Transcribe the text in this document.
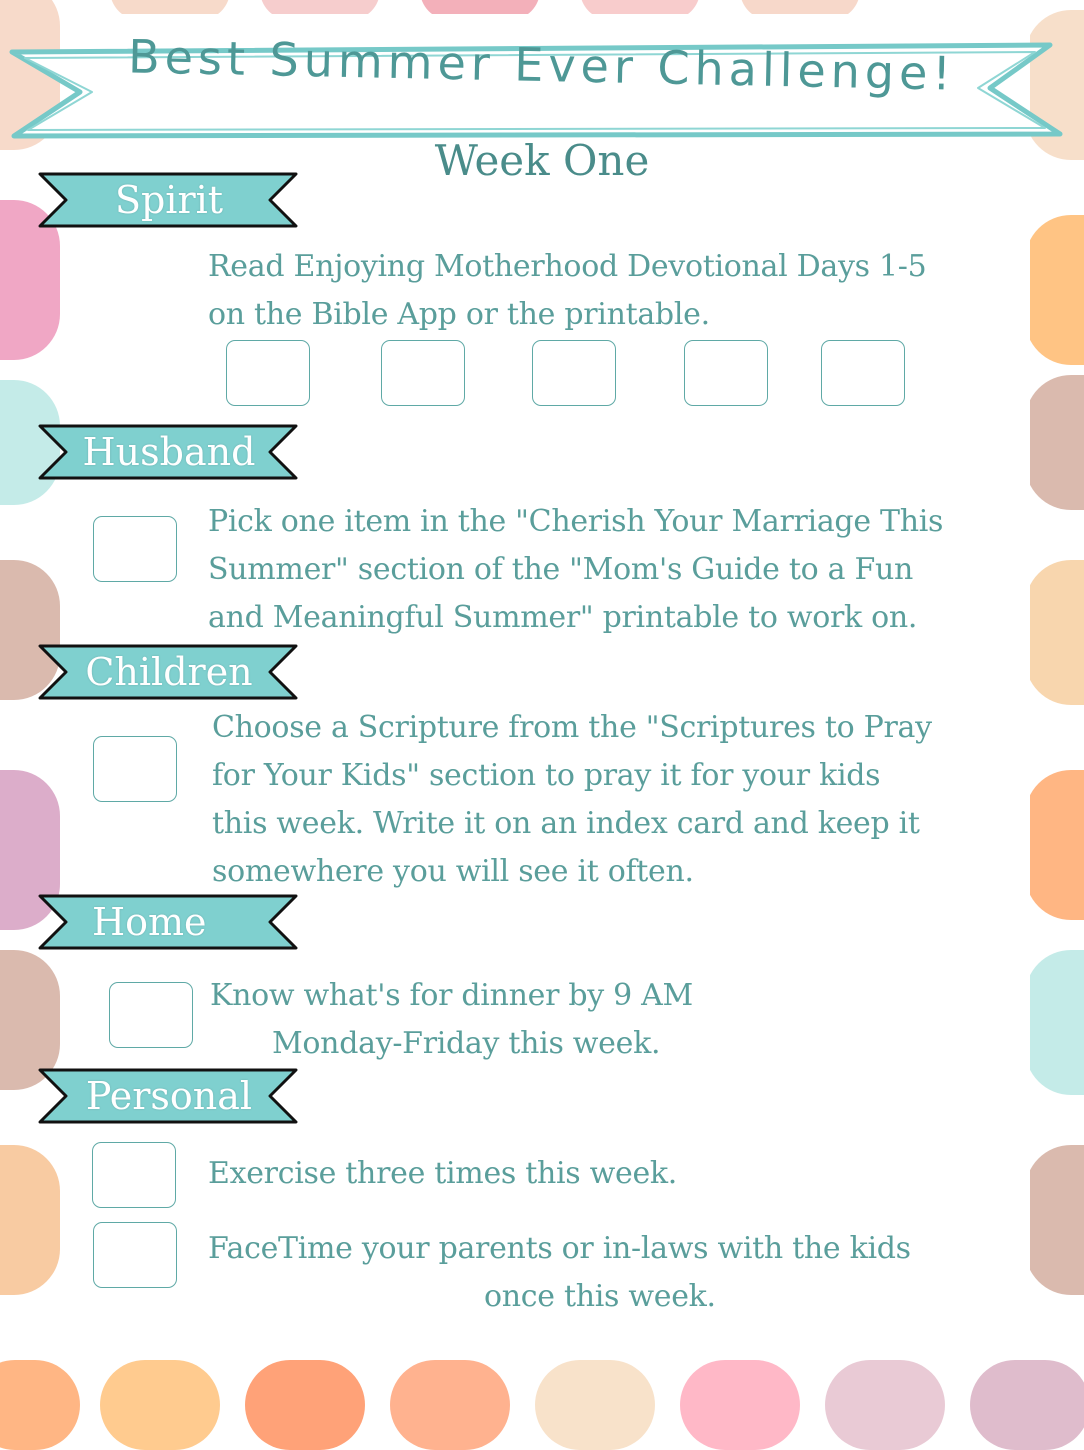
Best Summer Ever Challenge!
Week One
Spirit
Read Enjoying Motherhood Devotional Days 1-5
on the Bible App or the printable.
Husband
Pick one item in the "Cherish Your Marriage This
Summer" section of the "Mom's Guide to a Fun
and Meaningful Summer" printable to work on.
Children
Choose a Scripture from the "Scriptures to Pray
for Your Kids" section to pray it for your kids
this week. Write it on an index card and keep it
somewhere you will see it often.
Home
Know what's for dinner by 9 AM
Monday-Friday this week.
Personal
Exercise three times this week.
FaceTime your parents or in-laws with the kids
once this week.
